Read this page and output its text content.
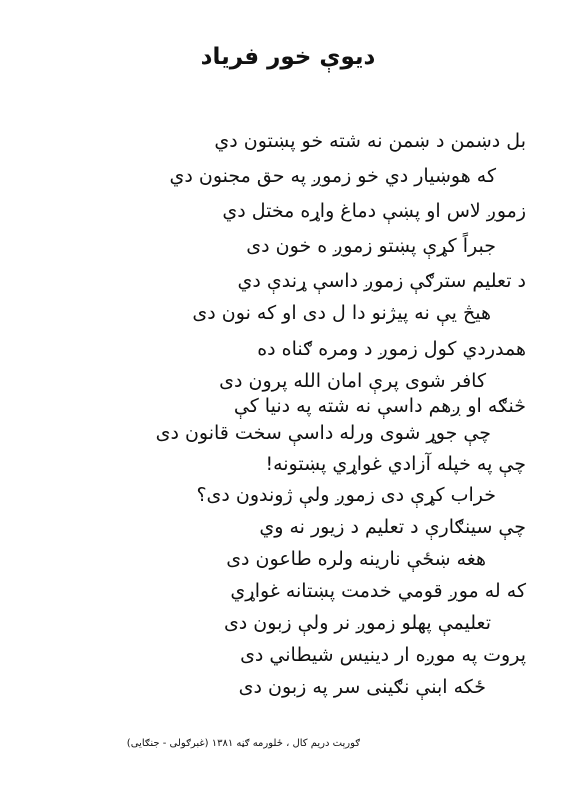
ديوې خور فرياد
بل دښمن د ښمن نه شته خو پښتون دي
که هوښيار دي خو زموږ په حق مجنون دي
زموږ لاس او پښې دماغ واړه مختل دي
جبراً کړې پښتو زموږ ه خون دی
د تعليم سترګې زموږ داسې ړندې دي
هيڅ يې نه پيژنو دا ل دی او که نون دی
همدردي کول زموږ د ومره ګناه ده
کافر شوی پرې امان الله پرون دی
څنګه او ږهم داسې نه شته په دنيا کې
چې جوړ شوی ورله داسې سخت قانون دی
چې په خپله آزادي غواړي پښتونه!
خراب کړې دی زموږ ولې ژوندون دی؟
چې سينګارې د تعليم د زيور نه وي
هغه ښځې نارينه ولره طاعون دی
که له موږ قومي خدمت پښتانه غواړي
تعليمې پهلو زموږ نر ولې زبون دی
پروت په موږه ار دينيس شيطاني دی
ځکه ابنې نګينی سر په زبون دی
ګورېت دريم کال ، ځلورمه ګڼه ۱۳۸۱ (غبرګولی - جنګايی)
